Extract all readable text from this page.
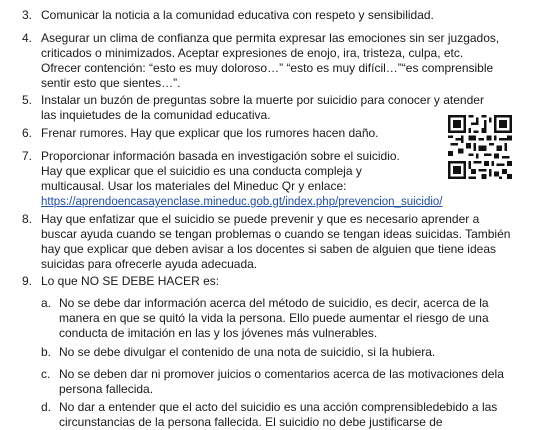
3. Comunicar la noticia a la comunidad educativa con respeto y sensibilidad.
4. Asegurar un clima de confianza que permita expresar las emociones sin ser juzgados, criticados o minimizados. Aceptar expresiones de enojo, ira, tristeza, culpa, etc. Ofrecer contención: “esto es muy doloroso…” “esto es muy difícil…”“es comprensible sentir esto que sientes…”.
5. Instalar un buzón de preguntas sobre la muerte por suicidio para conocer y atender las inquietudes de la comunidad educativa.
6. Frenar rumores. Hay que explicar que los rumores hacen daño.
7. Proporcionar información basada en investigación sobre el suicidio.
Hay que explicar que el suicidio es una conducta compleja y
multicausal. Usar los materiales del Mineduc Qr y enlace:
https://aprendoencasayenclase.mineduc.gob.gt/index.php/prevencion_suicidio/
8. Hay que enfatizar que el suicidio se puede prevenir y que es necesario aprender a buscar ayuda cuando se tengan problemas o cuando se tengan ideas suicidas. También hay que explicar que deben avisar a los docentes si saben de alguien que tiene ideas suicidas para ofrecerle ayuda adecuada.
9. Lo que NO SE DEBE HACER es:
a. No se debe dar información acerca del método de suicidio, es decir, acerca de la manera en que se quitó la vida la persona. Ello puede aumentar el riesgo de una conducta de imitación en las y los jóvenes más vulnerables.
b. No se debe divulgar el contenido de una nota de suicidio, si la hubiera.
c. No se deben dar ni promover juicios o comentarios acerca de las motivaciones dela persona fallecida.
d. No dar a entender que el acto del suicidio es una acción comprensibledebido a las circunstancias de la persona fallecida. El suicidio no debe justificarse de
